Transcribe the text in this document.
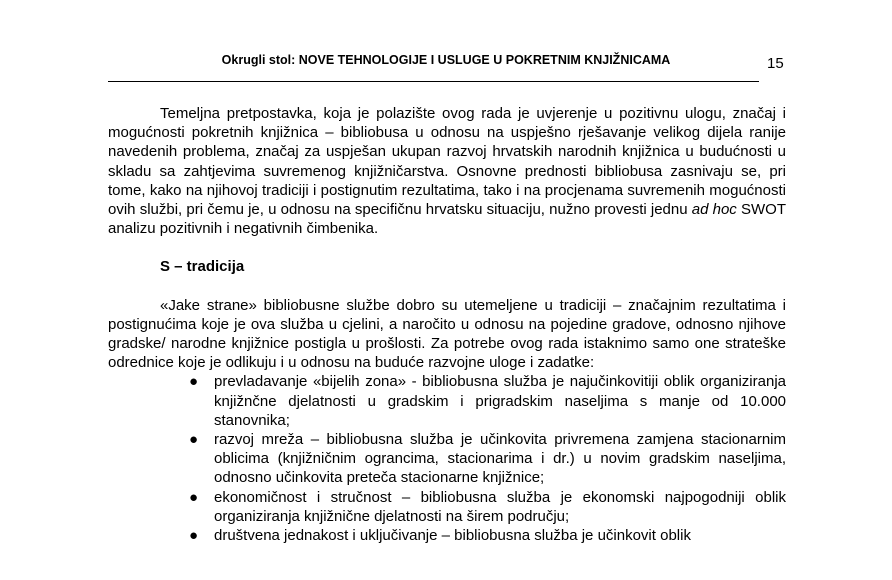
Okrugli stol: NOVE TEHNOLOGIJE I USLUGE U POKRETNIM KNJIŽNICAMA	15

Temeljna pretpostavka, koja je polazište ovog rada je uvjerenje u pozitivnu ulogu, značaj i mogućnosti pokretnih knjižnica – bibliobusa u odnosu na uspješno rješavanje velikog dijela ranije navedenih problema, značaj za uspješan ukupan razvoj hrvatskih narodnih knjižnica u budućnosti u skladu sa zahtjevima suvremenog knjižničarstva. Osnovne prednosti bibliobusa zasnivaju se, pri tome, kako na njihovoj tradiciji i postignutim rezultatima, tako i na procjenama suvremenih mogućnosti ovih službi, pri čemu je, u odnosu na specifičnu hrvatsku situaciju, nužno provesti jednu ad hoc SWOT analizu pozitivnih i negativnih čimbenika.

S – tradicija

«Jake strane» bibliobusne službe dobro su utemeljene u tradiciji – značajnim rezultatima i postignućima koje je ova služba u cjelini, a naročito u odnosu na pojedine gradove, odnosno njihove gradske/ narodne knjižnice postigla u prošlosti. Za potrebe ovog rada istaknimo samo one strateške odrednice koje je odlikuju i u odnosu na buduće razvojne uloge i zadatke:

● prevladavanje «bijelih zona» - bibliobusna služba je najučinkovitiji oblik organiziranja knjižnčne djelatnosti u gradskim i prigradskim naseljima s manje od 10.000 stanovnika;
● razvoj mreža – bibliobusna služba je učinkovita privremena zamjena stacionarnim oblicima (knjižničnim ograncima, stacionarima i dr.) u novim gradskim naseljima, odnosno učinkovita preteča stacionarne knjižnice;
● ekonomičnost i stručnost – bibliobusna služba je ekonomski najpogodniji oblik organiziranja knjižnične djelatnosti na širem području;
● društvena jednakost i uključivanje – bibliobusna služba je učinkovit oblik
